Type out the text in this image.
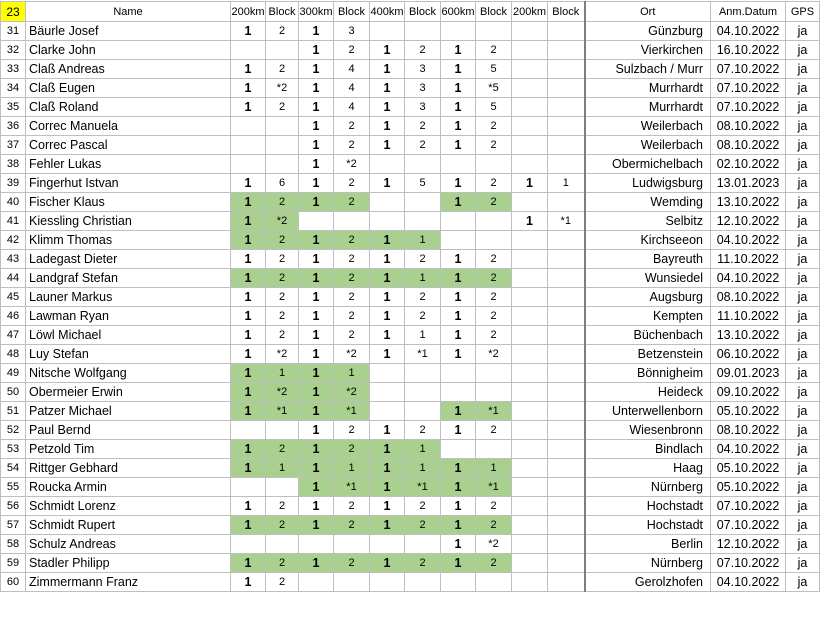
23	Name	200km	Block	300km	Block	400km	Block	600km	Block	200km	Block	Ort	Anm.Datum	GPS
31	Bäurle Josef	1	2	1	3							Günzburg	04.10.2022	ja
32	Clarke John			1	2	1	2	1	2			Vierkirchen	16.10.2022	ja
33	Claß Andreas	1	2	1	4	1	3	1	5			Sulzbach / Murr	07.10.2022	ja
34	Claß Eugen	1	*2	1	4	1	3	1	*5			Murrhardt	07.10.2022	ja
35	Claß Roland	1	2	1	4	1	3	1	5			Murrhardt	07.10.2022	ja
36	Correc Manuela			1	2	1	2	1	2			Weilerbach	08.10.2022	ja
37	Correc Pascal			1	2	1	2	1	2			Weilerbach	08.10.2022	ja
38	Fehler Lukas			1	*2							Obermichelbach	02.10.2022	ja
39	Fingerhut Istvan	1	6	1	2	1	5	1	2	1	1	Ludwigsburg	13.01.2023	ja
40	Fischer Klaus	1	2	1	2			1	2			Wemding	13.10.2022	ja
41	Kiessling Christian	1	*2							1	*1	Selbitz	12.10.2022	ja
42	Klimm Thomas	1	2	1	2	1	1					Kirchseeon	04.10.2022	ja
43	Ladegast Dieter	1	2	1	2	1	2	1	2			Bayreuth	11.10.2022	ja
44	Landgraf Stefan	1	2	1	2	1	1	1	2			Wunsiedel	04.10.2022	ja
45	Launer Markus	1	2	1	2	1	2	1	2			Augsburg	08.10.2022	ja
46	Lawman Ryan	1	2	1	2	1	2	1	2			Kempten	11.10.2022	ja
47	Löwl Michael	1	2	1	2	1	1	1	2			Büchenbach	13.10.2022	ja
48	Luy Stefan	1	*2	1	*2	1	*1	1	*2			Betzenstein	06.10.2022	ja
49	Nitsche Wolfgang	1	1	1	1							Bönnigheim	09.01.2023	ja
50	Obermeier Erwin	1	*2	1	*2							Heideck	09.10.2022	ja
51	Patzer Michael	1	*1	1	*1			1	*1			Unterwellenborn	05.10.2022	ja
52	Paul Bernd			1	2	1	2	1	2			Wiesenbronn	08.10.2022	ja
53	Petzold Tim	1	2	1	2	1	1					Bindlach	04.10.2022	ja
54	Rittger Gebhard	1	1	1	1	1	1	1	1			Haag	05.10.2022	ja
55	Roucka Armin			1	*1	1	*1	1	*1			Nürnberg	05.10.2022	ja
56	Schmidt Lorenz	1	2	1	2	1	2	1	2			Hochstadt	07.10.2022	ja
57	Schmidt Rupert	1	2	1	2	1	2	1	2			Hochstadt	07.10.2022	ja
58	Schulz Andreas							1	*2			Berlin	12.10.2022	ja
59	Stadler Philipp	1	2	1	2	1	2	1	2			Nürnberg	07.10.2022	ja
60	Zimmermann Franz	1	2									Gerolzhofen	04.10.2022	ja
